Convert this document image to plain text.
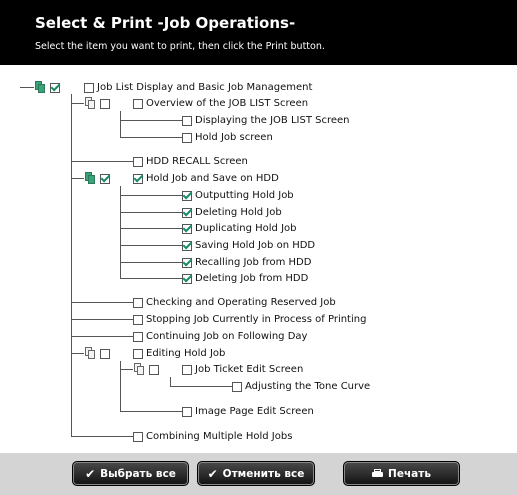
Select & Print -Job Operations-
Select the item you want to print, then click the Print button.
Job List Display and Basic Job Management
Overview of the JOB LIST Screen
Displaying the JOB LIST Screen
Hold Job screen
HDD RECALL Screen
Hold Job and Save on HDD
Outputting Hold Job
Deleting Hold Job
Duplicating Hold Job
Saving Hold Job on HDD
Recalling Job from HDD
Deleting Job from HDD
Checking and Operating Reserved Job
Stopping Job Currently in Process of Printing
Continuing Job on Following Day
Editing Hold Job
Job Ticket Edit Screen
Adjusting the Tone Curve
Image Page Edit Screen
Combining Multiple Hold Jobs
✔ Выбрать все	✔ Отменить все	Печать
